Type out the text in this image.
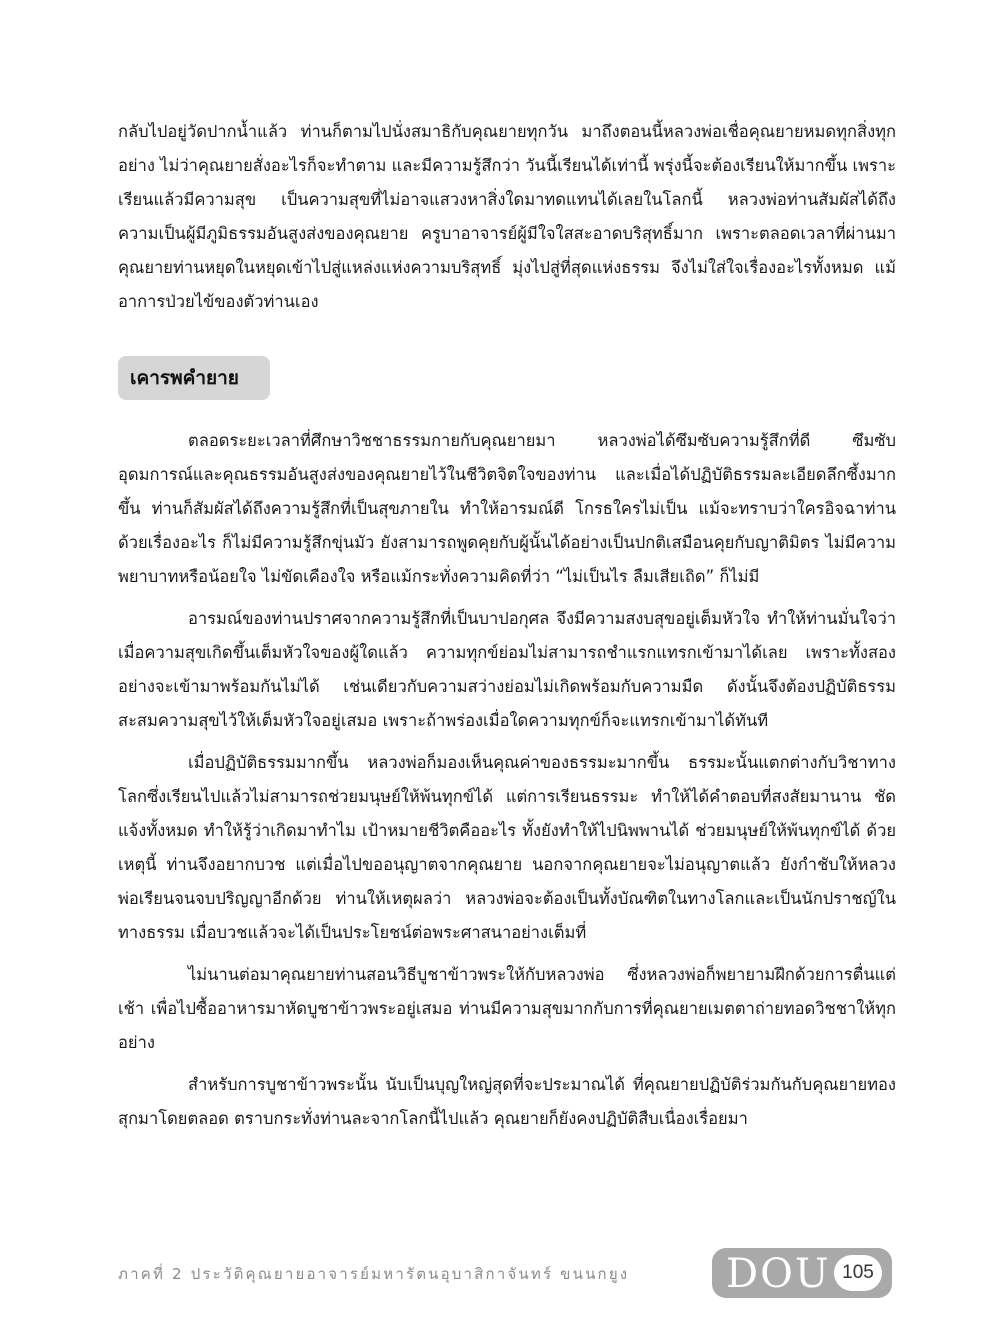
กลับไปอยู่วัดปากน้ำแล้ว ท่านก็ตามไปนั่งสมาธิกับคุณยายทุกวัน มาถึงตอนนี้หลวงพ่อเชื่อคุณยายหมดทุกสิ่งทุกอย่าง ไม่ว่าคุณยายสั่งอะไรก็จะทำตาม และมีความรู้สึกว่า วันนี้เรียนได้เท่านี้ พรุ่งนี้จะต้องเรียนให้มากขึ้น เพราะเรียนแล้วมีความสุข เป็นความสุขที่ไม่อาจแสวงหาสิ่งใดมาทดแทนได้เลยในโลกนี้ หลวงพ่อท่านสัมผัสได้ถึงความเป็นผู้มีภูมิธรรมอันสูงส่งของคุณยาย ครูบาอาจารย์ผู้มีใจใสสะอาดบริสุทธิ์มาก เพราะตลอดเวลาที่ผ่านมา คุณยายท่านหยุดในหยุดเข้าไปสู่แหล่งแห่งความบริสุทธิ์ มุ่งไปสู่ที่สุดแห่งธรรม จึงไม่ใส่ใจเรื่องอะไรทั้งหมด แม้อาการป่วยไข้ของตัวท่านเอง

เคารพคำยาย

ตลอดระยะเวลาที่ศึกษาวิชชาธรรมกายกับคุณยายมา หลวงพ่อได้ซึมซับความรู้สึกที่ดี ซึมซับอุดมการณ์และคุณธรรมอันสูงส่งของคุณยายไว้ในชีวิตจิตใจของท่าน และเมื่อได้ปฏิบัติธรรมละเอียดลึกซึ้งมากขึ้น ท่านก็สัมผัสได้ถึงความรู้สึกที่เป็นสุขภายใน ทำให้อารมณ์ดี โกรธใครไม่เป็น แม้จะทราบว่าใครอิจฉาท่านด้วยเรื่องอะไร ก็ไม่มีความรู้สึกขุ่นมัว ยังสามารถพูดคุยกับผู้นั้นได้อย่างเป็นปกติเสมือนคุยกับญาติมิตร ไม่มีความพยาบาทหรือน้อยใจ ไม่ขัดเคืองใจ หรือแม้กระทั่งความคิดที่ว่า “ไม่เป็นไร ลืมเสียเถิด” ก็ไม่มี

อารมณ์ของท่านปราศจากความรู้สึกที่เป็นบาปอกุศล จึงมีความสงบสุขอยู่เต็มหัวใจ ทำให้ท่านมั่นใจว่า เมื่อความสุขเกิดขึ้นเต็มหัวใจของผู้ใดแล้ว ความทุกข์ย่อมไม่สามารถชำแรกแทรกเข้ามาได้เลย เพราะทั้งสองอย่างจะเข้ามาพร้อมกันไม่ได้ เช่นเดียวกับความสว่างย่อมไม่เกิดพร้อมกับความมืด ดังนั้นจึงต้องปฏิบัติธรรมสะสมความสุขไว้ให้เต็มหัวใจอยู่เสมอ เพราะถ้าพร่องเมื่อใดความทุกข์ก็จะแทรกเข้ามาได้ทันที

เมื่อปฏิบัติธรรมมากขึ้น หลวงพ่อก็มองเห็นคุณค่าของธรรมะมากขึ้น ธรรมะนั้นแตกต่างกับวิชาทางโลกซึ่งเรียนไปแล้วไม่สามารถช่วยมนุษย์ให้พ้นทุกข์ได้ แต่การเรียนธรรมะ ทำให้ได้คำตอบที่สงสัยมานาน ชัดแจ้งทั้งหมด ทำให้รู้ว่าเกิดมาทำไม เป้าหมายชีวิตคืออะไร ทั้งยังทำให้ไปนิพพานได้ ช่วยมนุษย์ให้พ้นทุกข์ได้ ด้วยเหตุนี้ ท่านจึงอยากบวช แต่เมื่อไปขออนุญาตจากคุณยาย นอกจากคุณยายจะไม่อนุญาตแล้ว ยังกำชับให้หลวงพ่อเรียนจนจบปริญญาอีกด้วย ท่านให้เหตุผลว่า หลวงพ่อจะต้องเป็นทั้งบัณฑิตในทางโลกและเป็นนักปราชญ์ในทางธรรม เมื่อบวชแล้วจะได้เป็นประโยชน์ต่อพระศาสนาอย่างเต็มที่

ไม่นานต่อมาคุณยายท่านสอนวิธีบูชาข้าวพระให้กับหลวงพ่อ ซึ่งหลวงพ่อก็พยายามฝึกด้วยการตื่นแต่เช้า เพื่อไปซื้ออาหารมาหัดบูชาข้าวพระอยู่เสมอ ท่านมีความสุขมากกับการที่คุณยายเมตตาถ่ายทอดวิชชาให้ทุกอย่าง

สำหรับการบูชาข้าวพระนั้น นับเป็นบุญใหญ่สุดที่จะประมาณได้ ที่คุณยายปฏิบัติร่วมกันกับคุณยายทองสุกมาโดยตลอด ตราบกระทั่งท่านละจากโลกนี้ไปแล้ว คุณยายก็ยังคงปฏิบัติสืบเนื่องเรื่อยมา

ภาคที่ 2 ประวัติคุณยายอาจารย์มหารัตนอุบาสิกาจันทร์ ขนนกยูง	DOU 105
